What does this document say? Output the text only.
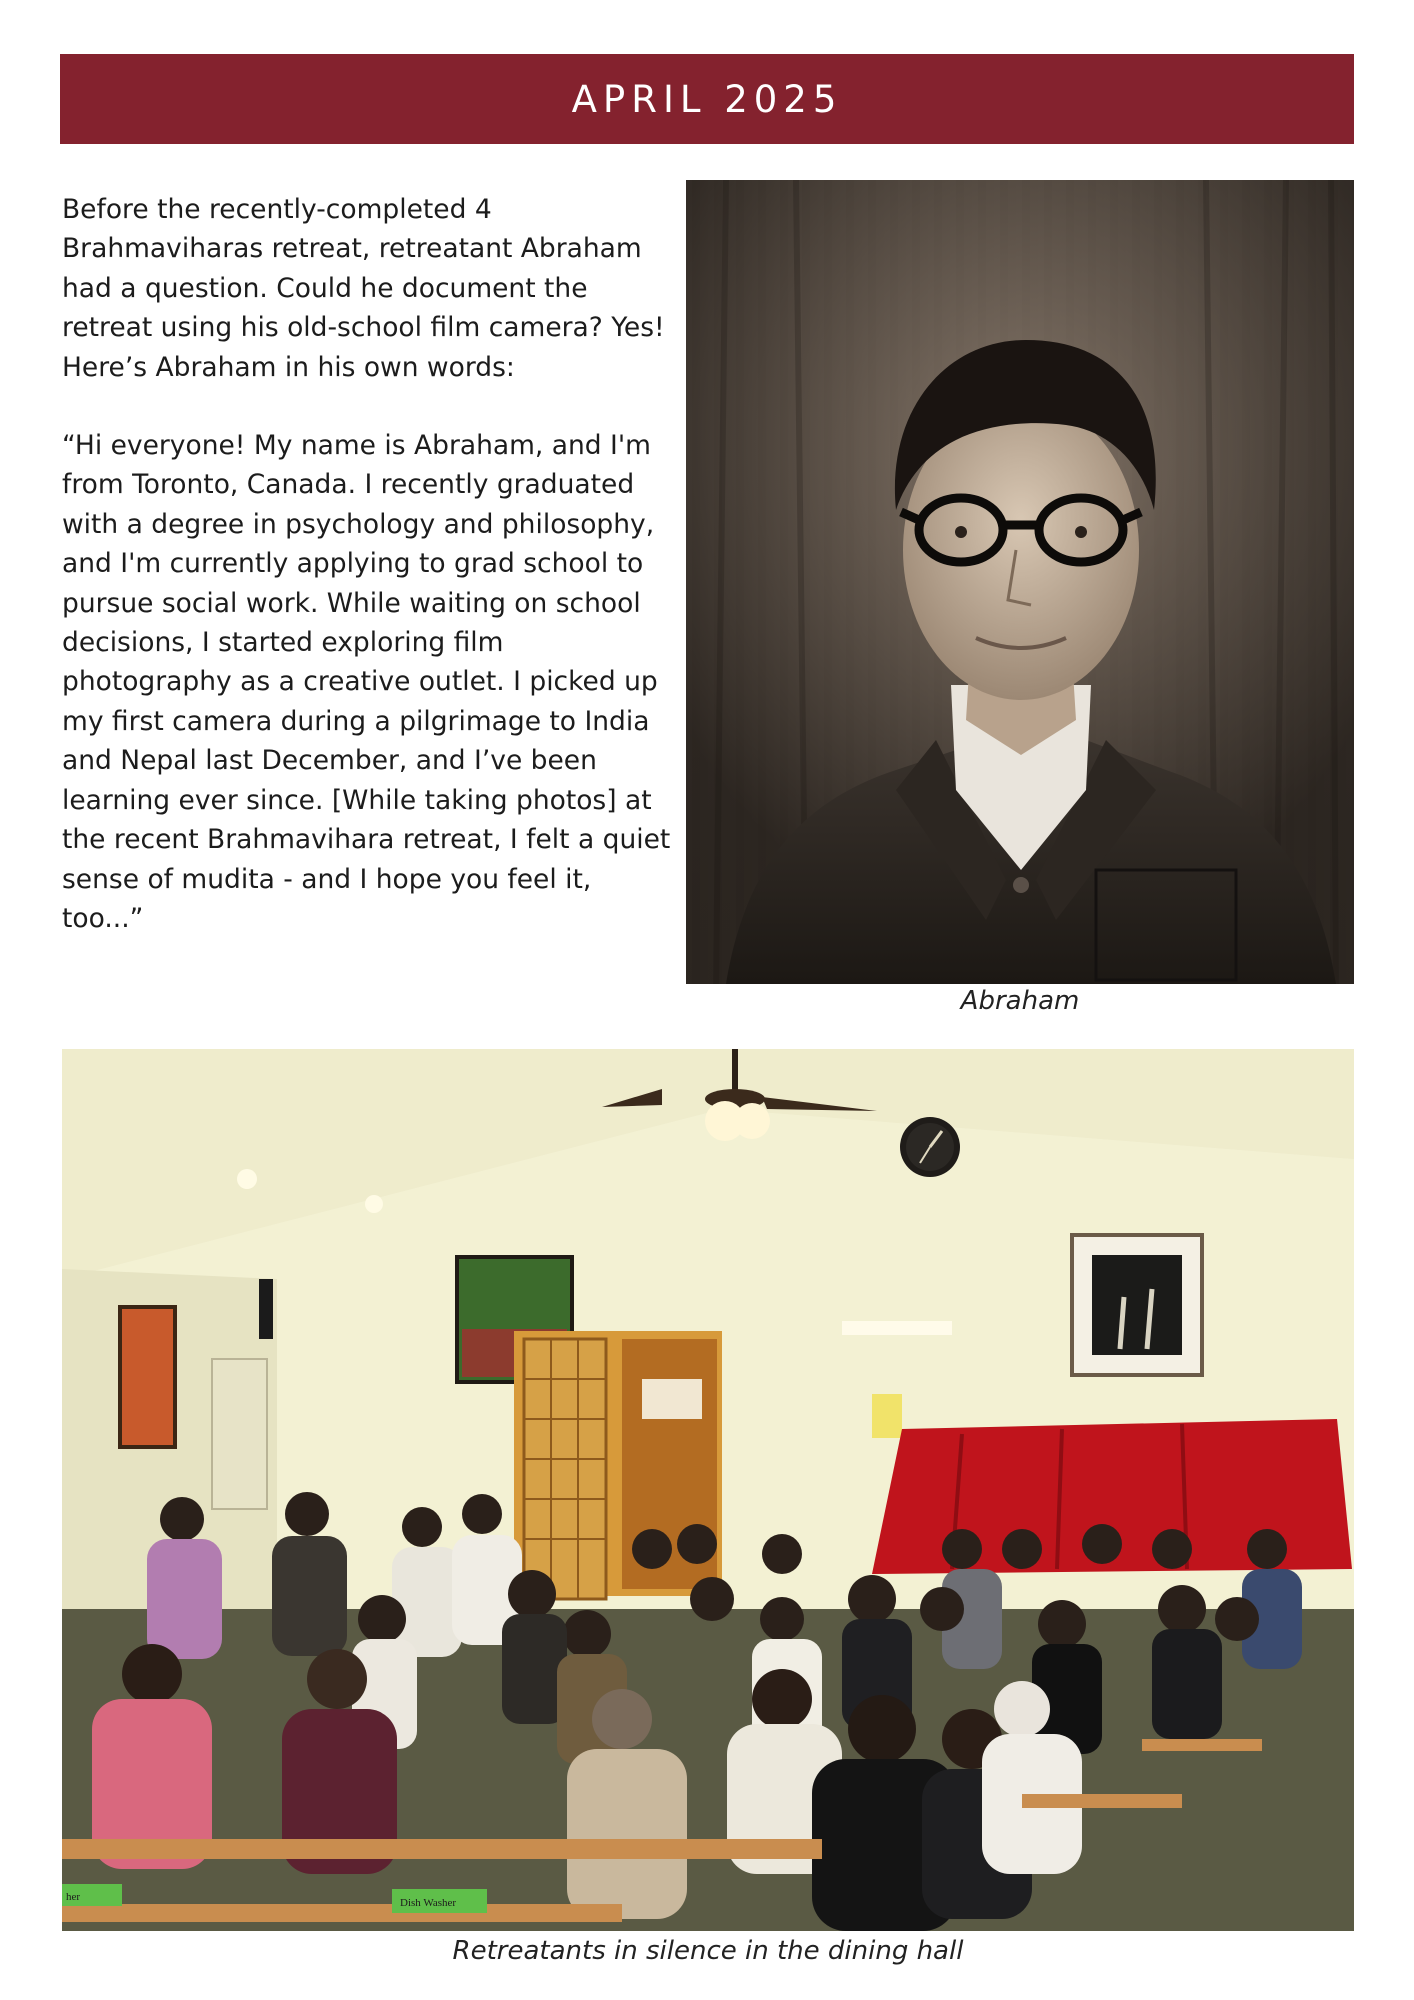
APRIL 2025

Before the recently-completed 4 Brahmaviharas retreat, retreatant Abraham had a question. Could he document the retreat using his old-school film camera? Yes! Here’s Abraham in his own words:

“Hi everyone! My name is Abraham, and I'm from Toronto, Canada. I recently graduated with a degree in psychology and philosophy, and I'm currently applying to grad school to pursue social work. While waiting on school decisions, I started exploring film photography as a creative outlet. I picked up my first camera during a pilgrimage to India and Nepal last December, and I’ve been learning ever since. [While taking photos] at the recent Brahmavihara retreat, I felt a quiet sense of mudita - and I hope you feel it, too...”

Abraham
her	Dish Washer
Retreatants in silence in the dining hall
